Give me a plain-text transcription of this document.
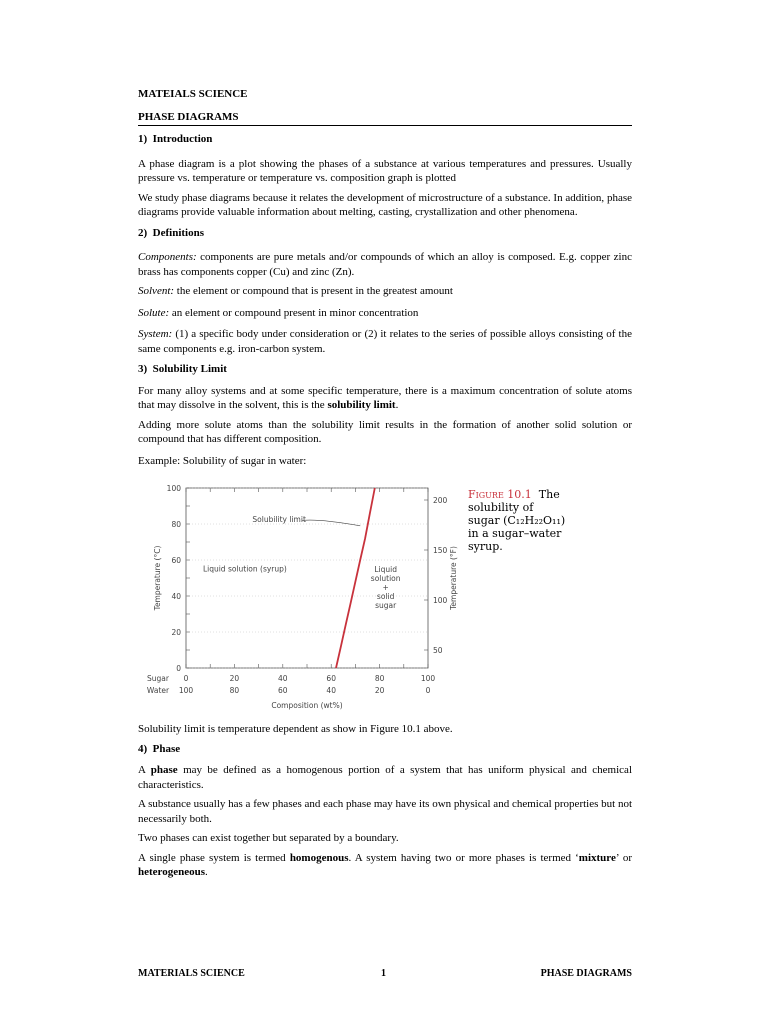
MATEIALS SCIENCE
PHASE DIAGRAMS
1)  Introduction

A phase diagram is a plot showing the phases of a substance at various temperatures and pressures. Usually pressure vs. temperature or temperature vs. composition graph is plotted

We study phase diagrams because it relates the development of microstructure of a substance. In addition, phase diagrams provide valuable information about melting, casting, crystallization and other phenomena.

2)  Definitions

Components: components are pure metals and/or compounds of which an alloy is composed. E.g. copper zinc brass has components copper (Cu) and zinc (Zn).

Solvent: the element or compound that is present in the greatest amount

Solute: an element or compound present in minor concentration

System: (1) a specific body under consideration or (2) it relates to the series of possible alloys consisting of the same components e.g. iron-carbon system.

3)  Solubility Limit

For many alloy systems and at some specific temperature, there is a maximum concentration of solute atoms that may dissolve in the solvent, this is the solubility limit.

Adding more solute atoms than the solubility limit results in the formation of another solid solution or compound that has different composition.

Example: Solubility of sugar in water:

0
20
40
60
80
100
50
100
150
200
Sugar
Water
0	20	40	60	80	100
100	80	60	40	20	0
Composition (wt%)
Temperature (°C)	Temperature (°F)
Solubility limit
Liquid solution (syrup)	Liquid
solution
+
solid
sugar
Figure 10.1 The solubility of sugar (C₁₂H₂₂O₁₁) in a sugar–water syrup.

Solubility limit is temperature dependent as show in Figure 10.1 above.

4)  Phase

A phase may be defined as a homogenous portion of a system that has uniform physical and chemical characteristics.

A substance usually has a few phases and each phase may have its own physical and chemical properties but not necessarily both.

Two phases can exist together but separated by a boundary.

A single phase system is termed homogenous. A system having two or more phases is termed ‘mixture’ or heterogeneous.

MATERIALS SCIENCE	1	PHASE DIAGRAMS
